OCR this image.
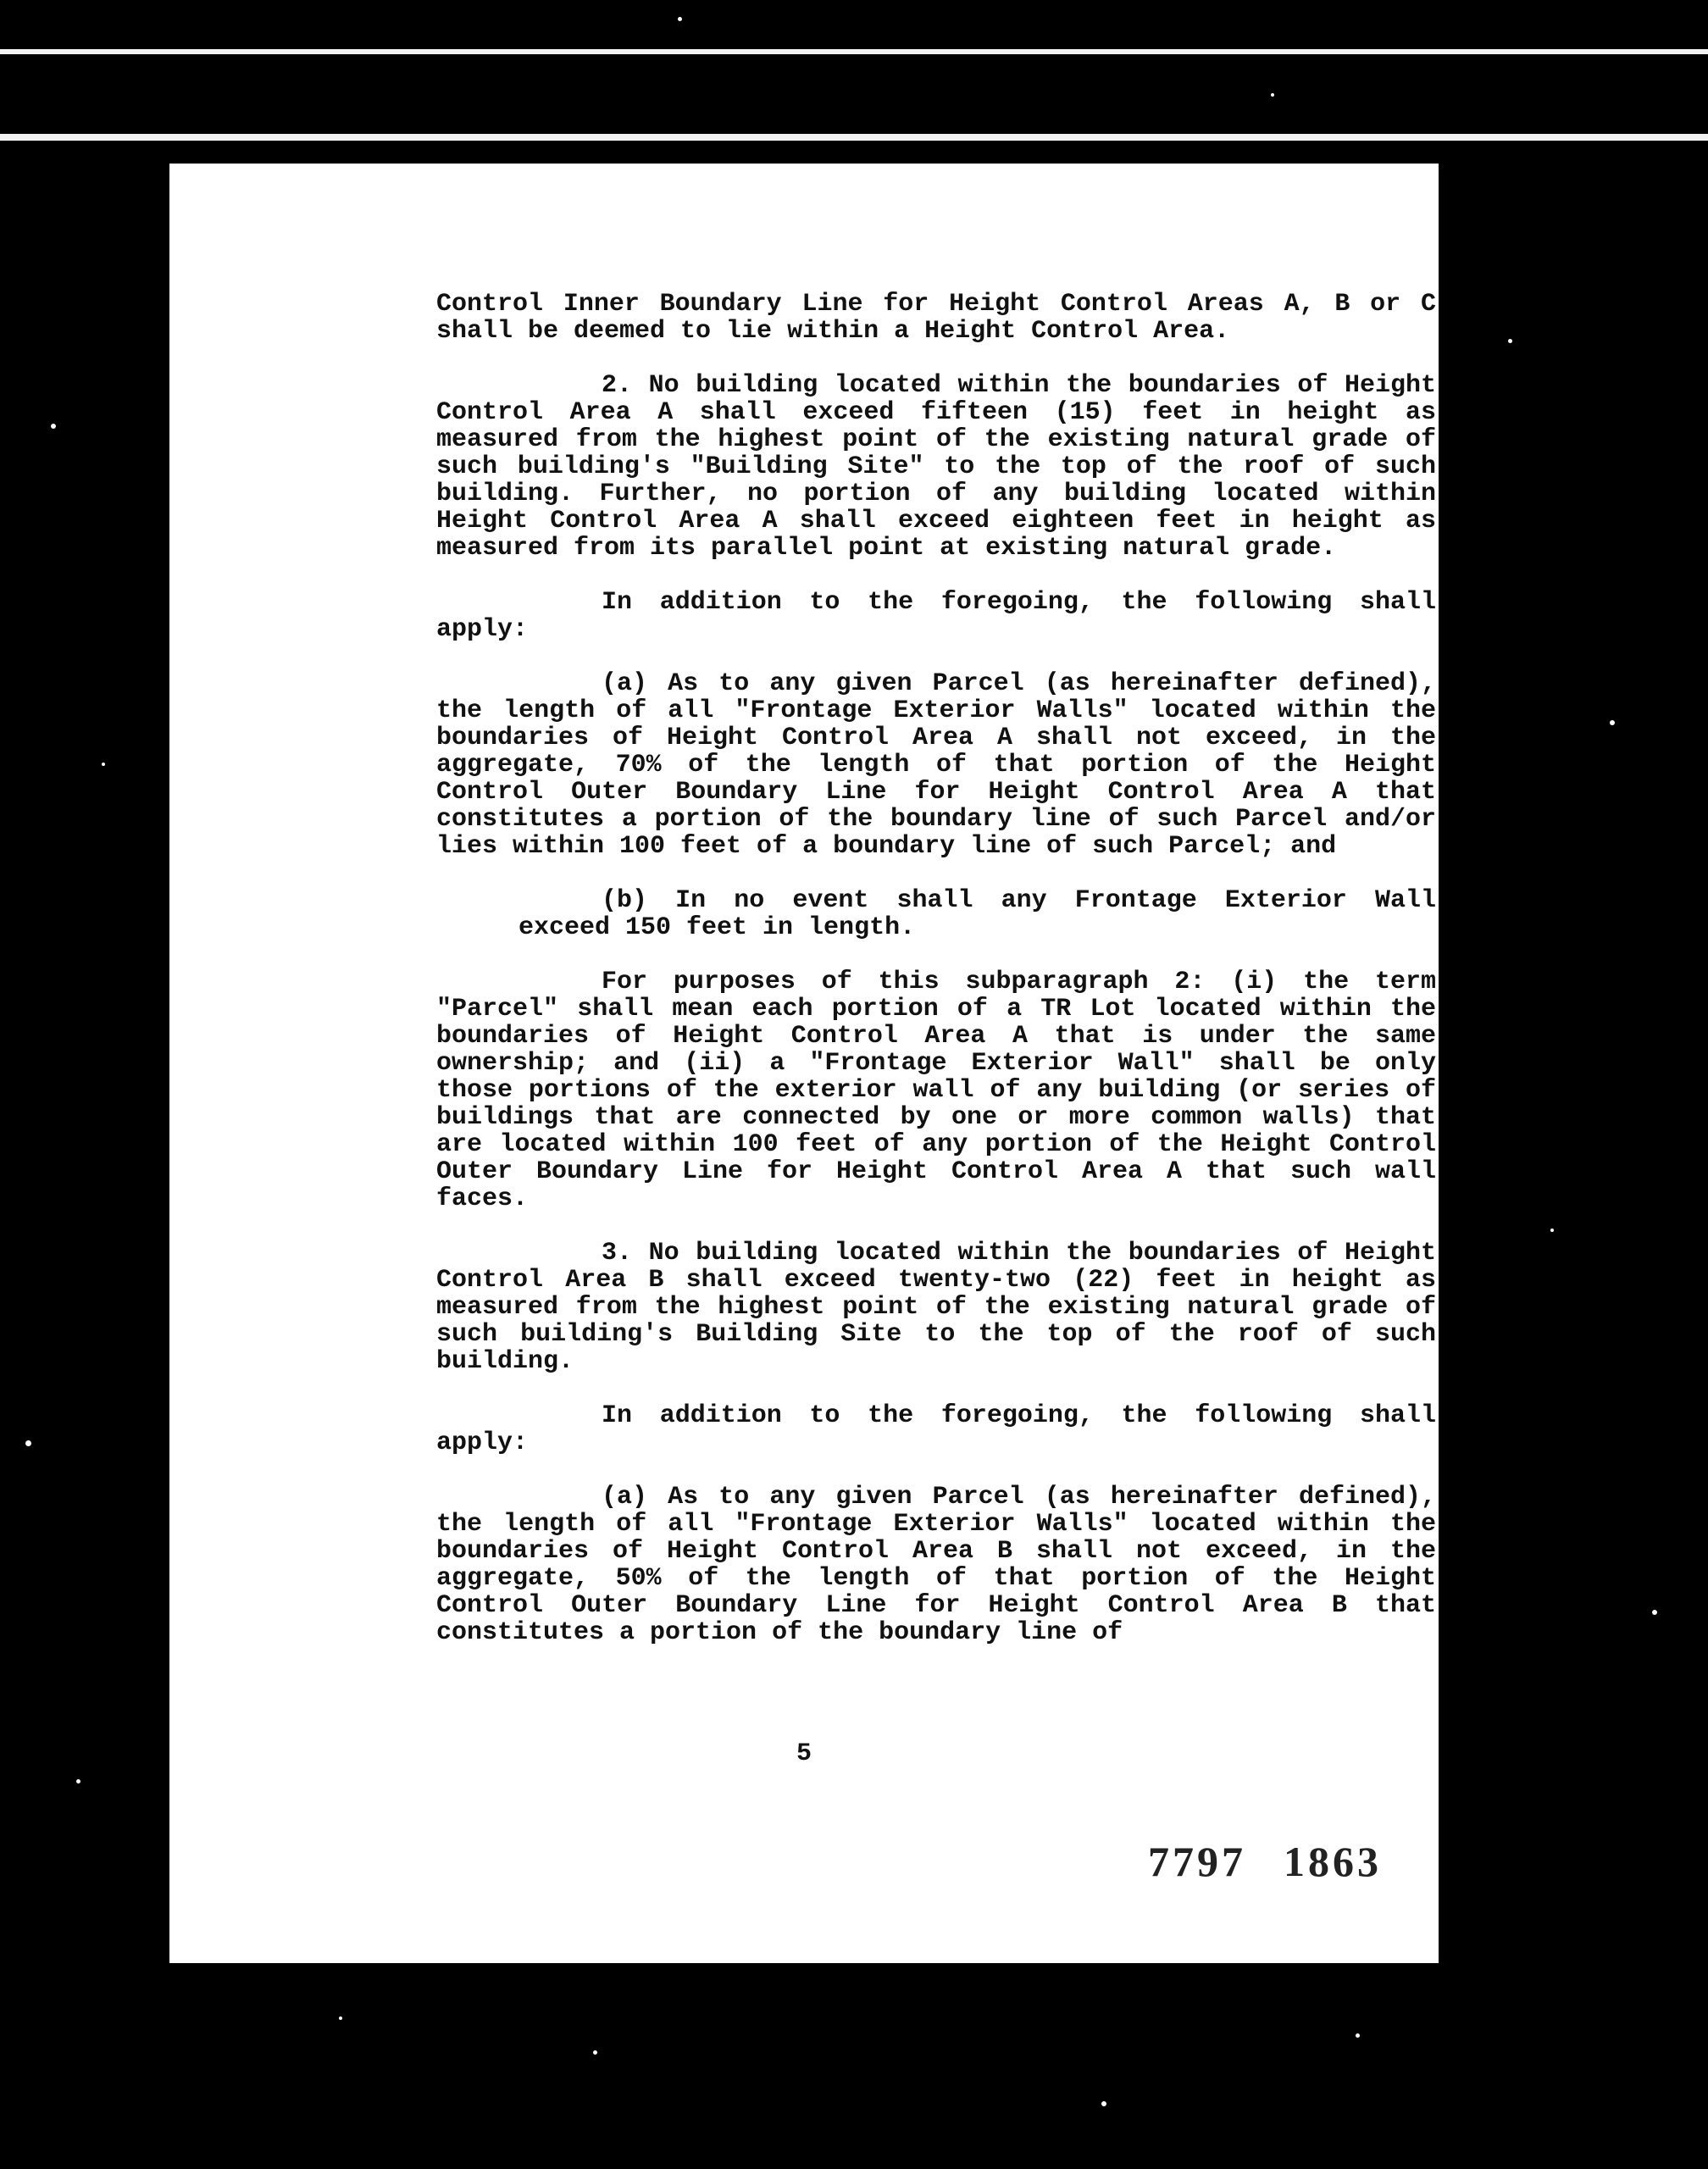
Control Inner Boundary Line for Height Control Areas A, B or C shall be deemed to lie within a Height Control Area.

2. No building located within the boundaries of Height Control Area A shall exceed fifteen (15) feet in height as measured from the highest point of the existing natural grade of such building's "Building Site" to the top of the roof of such building. Further, no portion of any building located within Height Control Area A shall exceed eighteen feet in height as measured from its parallel point at existing natural grade.

In addition to the foregoing, the following shall apply:

(a) As to any given Parcel (as hereinafter defined), the length of all "Frontage Exterior Walls" located within the boundaries of Height Control Area A shall not exceed, in the aggregate, 70% of the length of that portion of the Height Control Outer Boundary Line for Height Control Area A that constitutes a portion of the boundary line of such Parcel and/or lies within 100 feet of a boundary line of such Parcel; and

(b) In no event shall any Frontage Exterior Wall exceed 150 feet in length.

For purposes of this subparagraph 2: (i) the term "Parcel" shall mean each portion of a TR Lot located within the boundaries of Height Control Area A that is under the same ownership; and (ii) a "Frontage Exterior Wall" shall be only those portions of the exterior wall of any building (or series of buildings that are connected by one or more common walls) that are located within 100 feet of any portion of the Height Control Outer Boundary Line for Height Control Area A that such wall faces.

3. No building located within the boundaries of Height Control Area B shall exceed twenty-two (22) feet in height as measured from the highest point of the existing natural grade of such building's Building Site to the top of the roof of such building.

In addition to the foregoing, the following shall apply:

(a) As to any given Parcel (as hereinafter defined), the length of all "Frontage Exterior Walls" located within the boundaries of Height Control Area B shall not exceed, in the aggregate, 50% of the length of that portion of the Height Control Outer Boundary Line for Height Control Area B that constitutes a portion of the boundary line of

5
7797 1863
